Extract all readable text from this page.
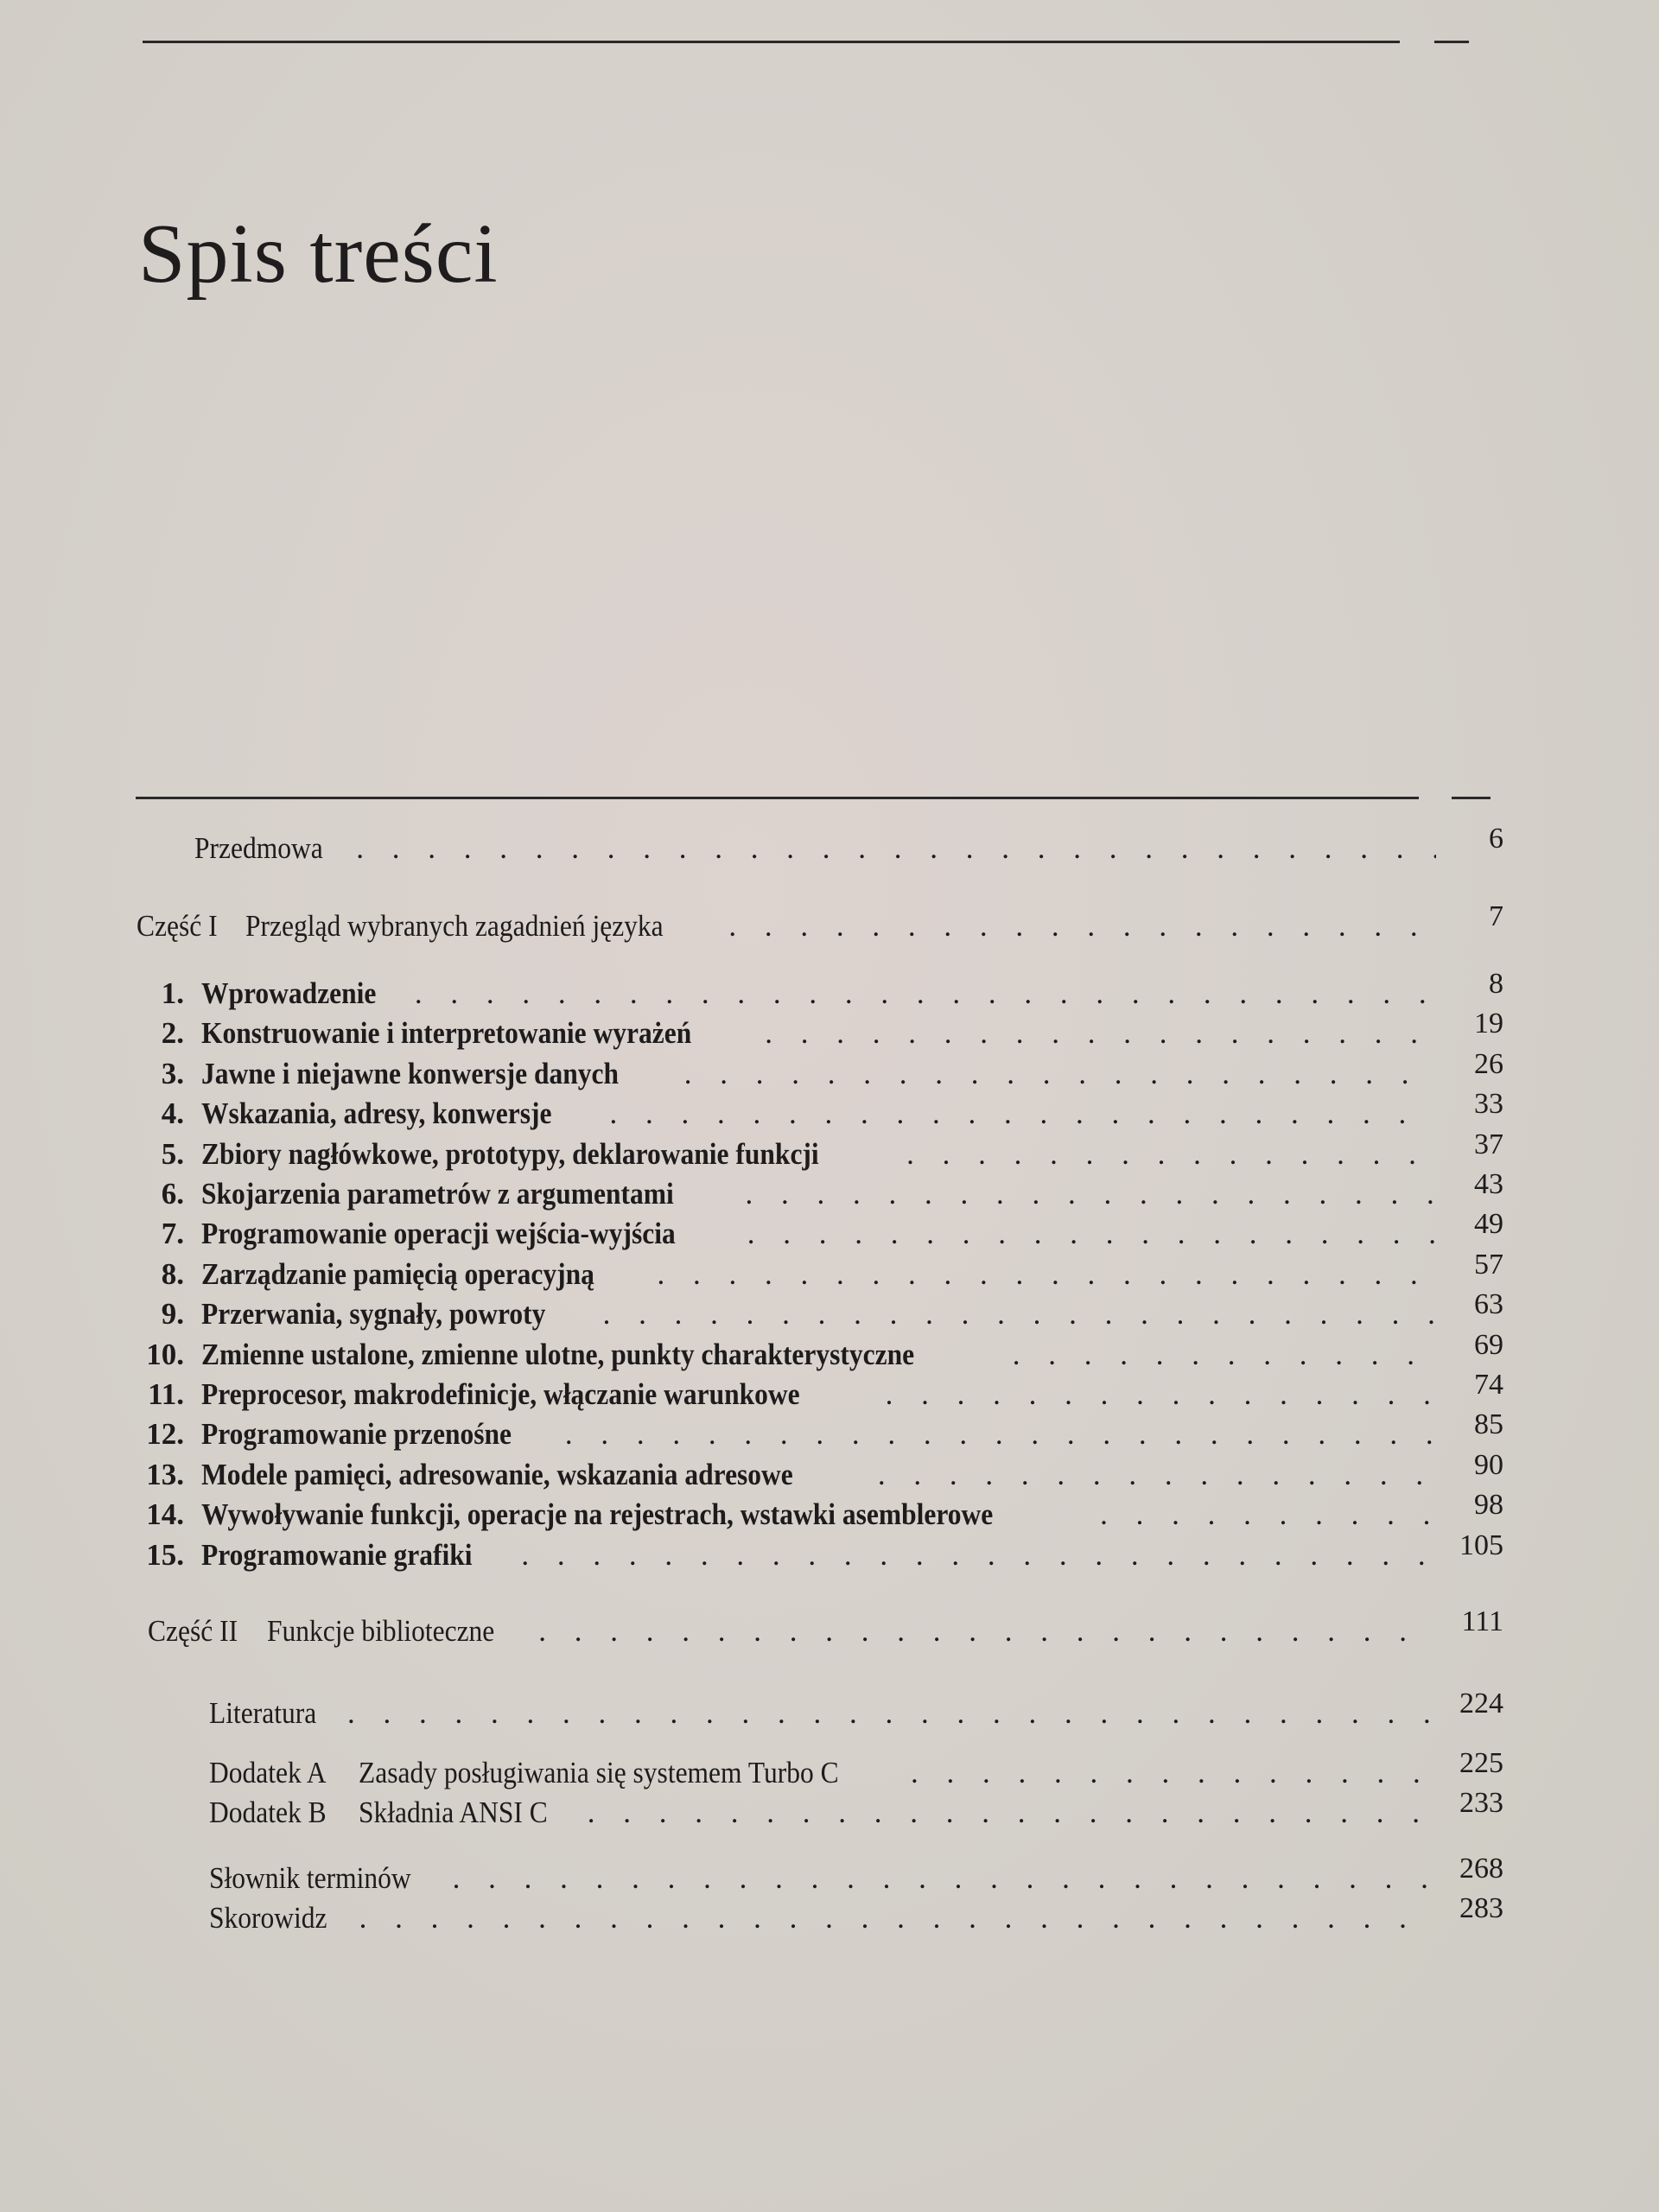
Spis treści
Przedmowa . . .	6
Część I Przegląd wybranych zagadnień języka . . .	7
1. Wprowadzenie . . .	8
2. Konstruowanie i interpretowanie wyrażeń . . .	19
3. Jawne i niejawne konwersje danych . . .	26
4. Wskazania, adresy, konwersje . . .	33
5. Zbiory nagłówkowe, prototypy, deklarowanie funkcji . . .	37
6. Skojarzenia parametrów z argumentami . . .	43
7. Programowanie operacji wejścia-wyjścia . . .	49
8. Zarządzanie pamięcią operacyjną . . .	57
9. Przerwania, sygnały, powroty . . .	63
10. Zmienne ustalone, zmienne ulotne, punkty charakterystyczne . . .	69
11. Preprocesor, makrodefinicje, włączanie warunkowe . . .	74
12. Programowanie przenośne . . .	85
13. Modele pamięci, adresowanie, wskazania adresowe . . .	90
14. Wywoływanie funkcji, operacje na rejestrach, wstawki asemblerowe . . .	98
15. Programowanie grafiki . . .	105
Część II Funkcje biblioteczne . . .	111
Literatura . . .	224
Dodatek A Zasady posługiwania się systemem Turbo C . . .	225
Dodatek B Składnia ANSI C . . .	233
Słownik terminów . . .	268
Skorowidz . . .	283
